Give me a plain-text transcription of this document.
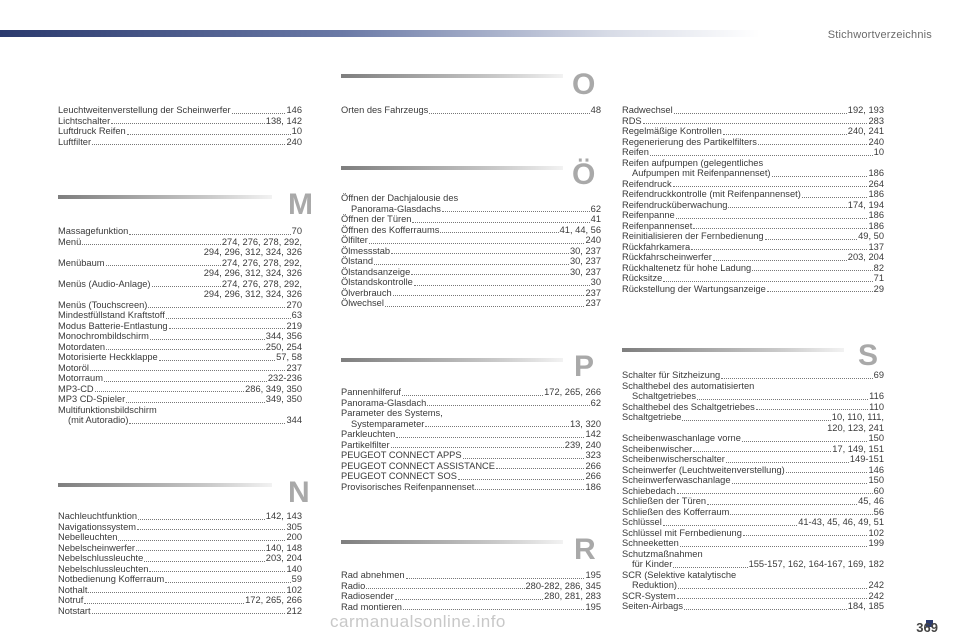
Stichwortverzeichnis
Leuchtweitenverstellung der Scheinwerfer	146
Lichtschalter	138, 142
Luftdruck Reifen	10
Luftfilter	240
M
Massagefunktion	70
Menü	274, 276, 278, 292,
294, 296, 312, 324, 326
Menübaum	274, 276, 278, 292,
294, 296, 312, 324, 326
Menüs (Audio-Anlage)	274, 276, 278, 292,
294, 296, 312, 324, 326
Menüs (Touchscreen)	270
Mindestfüllstand Kraftstoff	63
Modus Batterie-Entlastung	219
Monochrombildschirm	344, 356
Motordaten	250, 254
Motorisierte Heckklappe	57, 58
Motoröl	237
Motorraum	232-236
MP3-CD	286, 349, 350
MP3 CD-Spieler	349, 350
Multifunktionsbildschirm
(mit Autoradio)	344
N
Nachleuchtfunktion	142, 143
Navigationssystem	305
Nebelleuchten	200
Nebelscheinwerfer	140, 148
Nebelschlussleuchte	203, 204
Nebelschlussleuchten	140
Notbedienung Kofferraum	59
Nothalt	102
Notruf	172, 265, 266
Notstart	212
O
Orten des Fahrzeugs	48
Ö
Öffnen der Dachjalousie des
Panorama-Glasdachs	62
Öffnen der Türen	41
Öffnen des Kofferraums	41, 44, 56
Ölfilter	240
Ölmessstab	30, 237
Ölstand	30, 237
Ölstandsanzeige	30, 237
Ölstandskontrolle	30
Ölverbrauch	237
Ölwechsel	237
P
Pannenhilferuf	172, 265, 266
Panorama-Glasdach	62
Parameter des Systems,
Systemparameter	13, 320
Parkleuchten	142
Partikelfilter	239, 240
PEUGEOT CONNECT APPS	323
PEUGEOT CONNECT ASSISTANCE	266
PEUGEOT CONNECT SOS	266
Provisorisches Reifenpannenset	186
R
Rad abnehmen	195
Radio	280-282, 286, 345
Radiosender	280, 281, 283
Rad montieren	195
Radwechsel	192, 193
RDS	283
Regelmäßige Kontrollen	240, 241
Regenerierung des Partikelfilters	240
Reifen	10
Reifen aufpumpen (gelegentliches
Aufpumpen mit Reifenpannenset)	186
Reifendruck	264
Reifendruckkontrolle (mit Reifenpannenset)	186
Reifendrucküberwachung	174, 194
Reifenpanne	186
Reifenpannenset	186
Reinitialisieren der Fernbedienung	49, 50
Rückfahrkamera	137
Rückfahrscheinwerfer	203, 204
Rückhaltenetz für hohe Ladung	82
Rücksitze	71
Rückstellung der Wartungsanzeige	29
S
Schalter für Sitzheizung	69
Schalthebel des automatisierten
Schaltgetriebes	116
Schalthebel des Schaltgetriebes	110
Schaltgetriebe	10, 110, 111,
120, 123, 241
Scheibenwaschanlage vorne	150
Scheibenwischer	17, 149, 151
Scheibenwischerschalter	149-151
Scheinwerfer (Leuchtweitenverstellung)	146
Scheinwerferwaschanlage	150
Schiebedach	60
Schließen der Türen	45, 46
Schließen des Kofferraum	56
Schlüssel	41-43, 45, 46, 49, 51
Schlüssel mit Fernbedienung	102
Schneeketten	199
Schutzmaßnahmen
für Kinder	155-157, 162, 164-167, 169, 182
SCR (Selektive katalytische
Reduktion)	242
SCR-System	242
Seiten-Airbags	184, 185
carmanualsonline.info	369
